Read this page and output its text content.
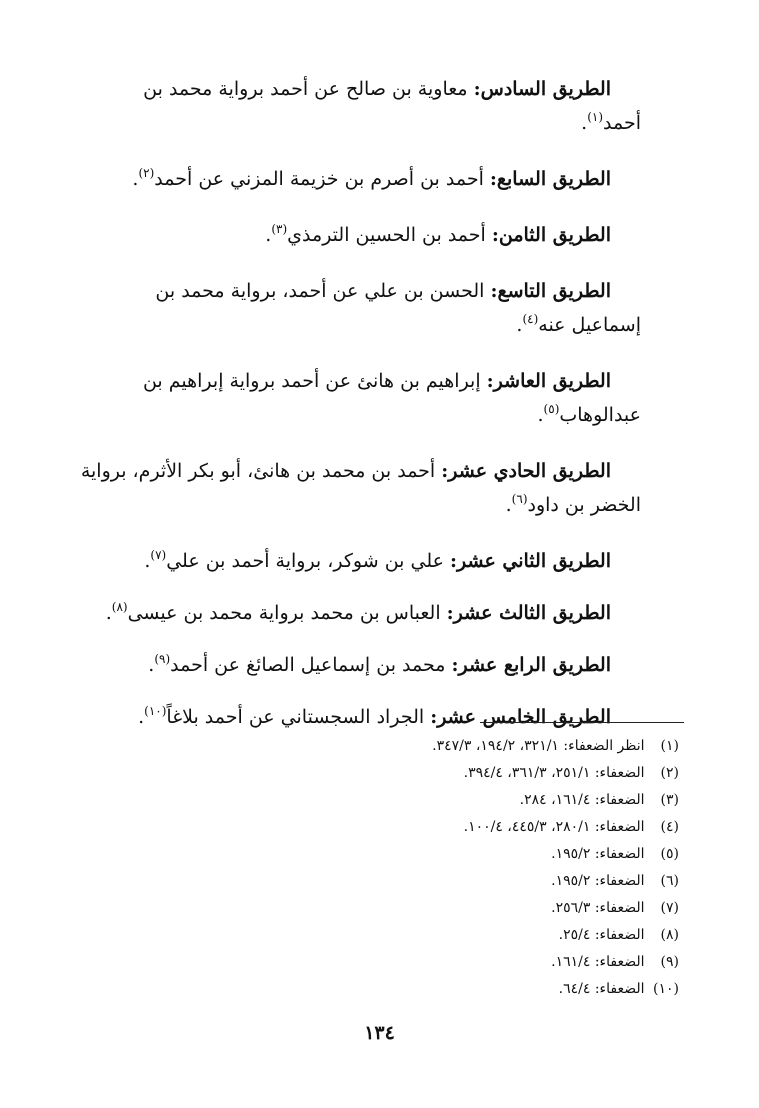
الطريق السادس: معاوية بن صالح عن أحمد برواية محمد بن أحمد$^{(١)}$.

الطريق السابع: أحمد بن أصرم بن خزيمة المزني عن أحمد$^{(٢)}$.

الطريق الثامن: أحمد بن الحسين الترمذي$^{(٣)}$.

الطريق التاسع: الحسن بن علي عن أحمد، برواية محمد بن إسماعيل عنه$^{(٤)}$.

الطريق العاشر: إبراهيم بن هانئ عن أحمد برواية إبراهيم بن عبدالوهاب$^{(٥)}$.

الطريق الحادي عشر: أحمد بن محمد بن هانئ، أبو بكر الأثرم، برواية الخضر بن داود$^{(٦)}$.

الطريق الثاني عشر: علي بن شوكر، برواية أحمد بن علي$^{(٧)}$.

الطريق الثالث عشر: العباس بن محمد برواية محمد بن عيسى$^{(٨)}$.

الطريق الرابع عشر: محمد بن إسماعيل الصائغ عن أحمد$^{(٩)}$.

الطريق الخامس عشر: الجراد السجستاني عن أحمد بلاغاً$^{(١٠)}$.

(١) انظر الضعفاء: ٣٢١/١، ١٩٤/٢، ٣٤٧/٣.
(٢) الضعفاء: ٢٥١/١، ٣٦١/٣، ٣٩٤/٤.
(٣) الضعفاء: ١٦١/٤، ٢٨٤.
(٤) الضعفاء: ٢٨٠/١، ٤٤٥/٣، ١٠٠/٤.
(٥) الضعفاء: ١٩٥/٢.
(٦) الضعفاء: ١٩٥/٢.
(٧) الضعفاء: ٢٥٦/٣.
(٨) الضعفاء: ٢٥/٤.
(٩) الضعفاء: ١٦١/٤.
(١٠) الضعفاء: ٦٤/٤.
١٣٤
